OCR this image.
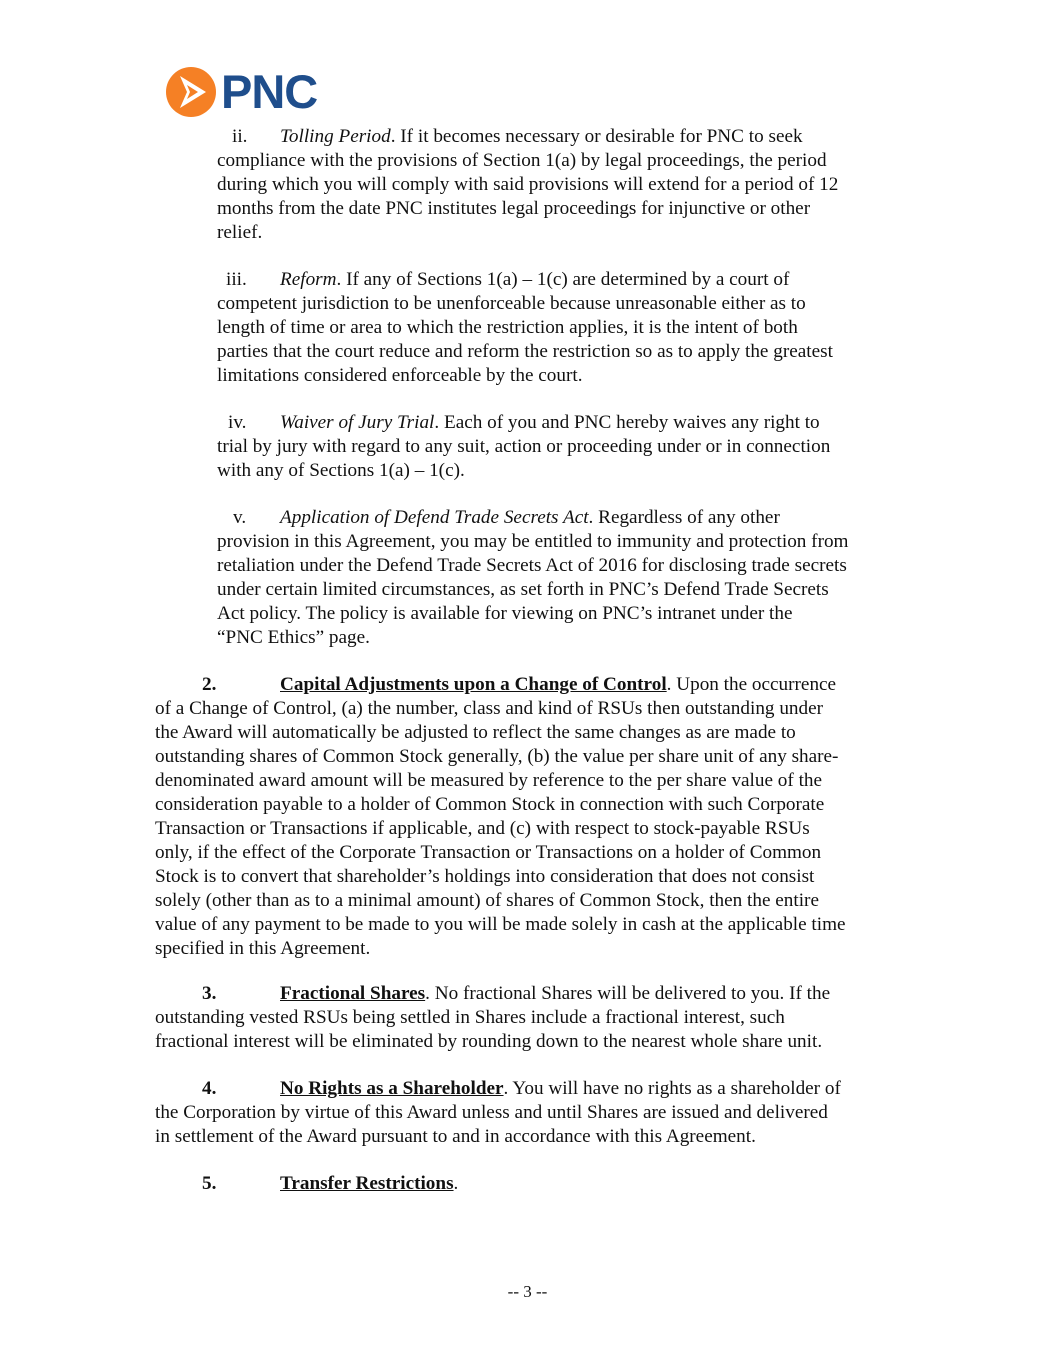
PNC
ii. Tolling Period. If it becomes necessary or desirable for PNC to seek
compliance with the provisions of Section 1(a) by legal proceedings, the period
during which you will comply with said provisions will extend for a period of 12
months from the date PNC institutes legal proceedings for injunctive or other
relief.
iii. Reform. If any of Sections 1(a) – 1(c) are determined by a court of
competent jurisdiction to be unenforceable because unreasonable either as to
length of time or area to which the restriction applies, it is the intent of both
parties that the court reduce and reform the restriction so as to apply the greatest
limitations considered enforceable by the court.
iv. Waiver of Jury Trial. Each of you and PNC hereby waives any right to
trial by jury with regard to any suit, action or proceeding under or in connection
with any of Sections 1(a) – 1(c).
v. Application of Defend Trade Secrets Act. Regardless of any other
provision in this Agreement, you may be entitled to immunity and protection from
retaliation under the Defend Trade Secrets Act of 2016 for disclosing trade secrets
under certain limited circumstances, as set forth in PNC’s Defend Trade Secrets
Act policy. The policy is available for viewing on PNC’s intranet under the
“PNC Ethics” page.
2.	Capital Adjustments upon a Change of Control. Upon the occurrence
of a Change of Control, (a) the number, class and kind of RSUs then outstanding under
the Award will automatically be adjusted to reflect the same changes as are made to
outstanding shares of Common Stock generally, (b) the value per share unit of any share-
denominated award amount will be measured by reference to the per share value of the
consideration payable to a holder of Common Stock in connection with such Corporate
Transaction or Transactions if applicable, and (c) with respect to stock-payable RSUs
only, if the effect of the Corporate Transaction or Transactions on a holder of Common
Stock is to convert that shareholder’s holdings into consideration that does not consist
solely (other than as to a minimal amount) of shares of Common Stock, then the entire
value of any payment to be made to you will be made solely in cash at the applicable time
specified in this Agreement.
3.	Fractional Shares. No fractional Shares will be delivered to you. If the
outstanding vested RSUs being settled in Shares include a fractional interest, such
fractional interest will be eliminated by rounding down to the nearest whole share unit.
4.	No Rights as a Shareholder. You will have no rights as a shareholder of
the Corporation by virtue of this Award unless and until Shares are issued and delivered
in settlement of the Award pursuant to and in accordance with this Agreement.
5.	Transfer Restrictions.
-- 3 --
